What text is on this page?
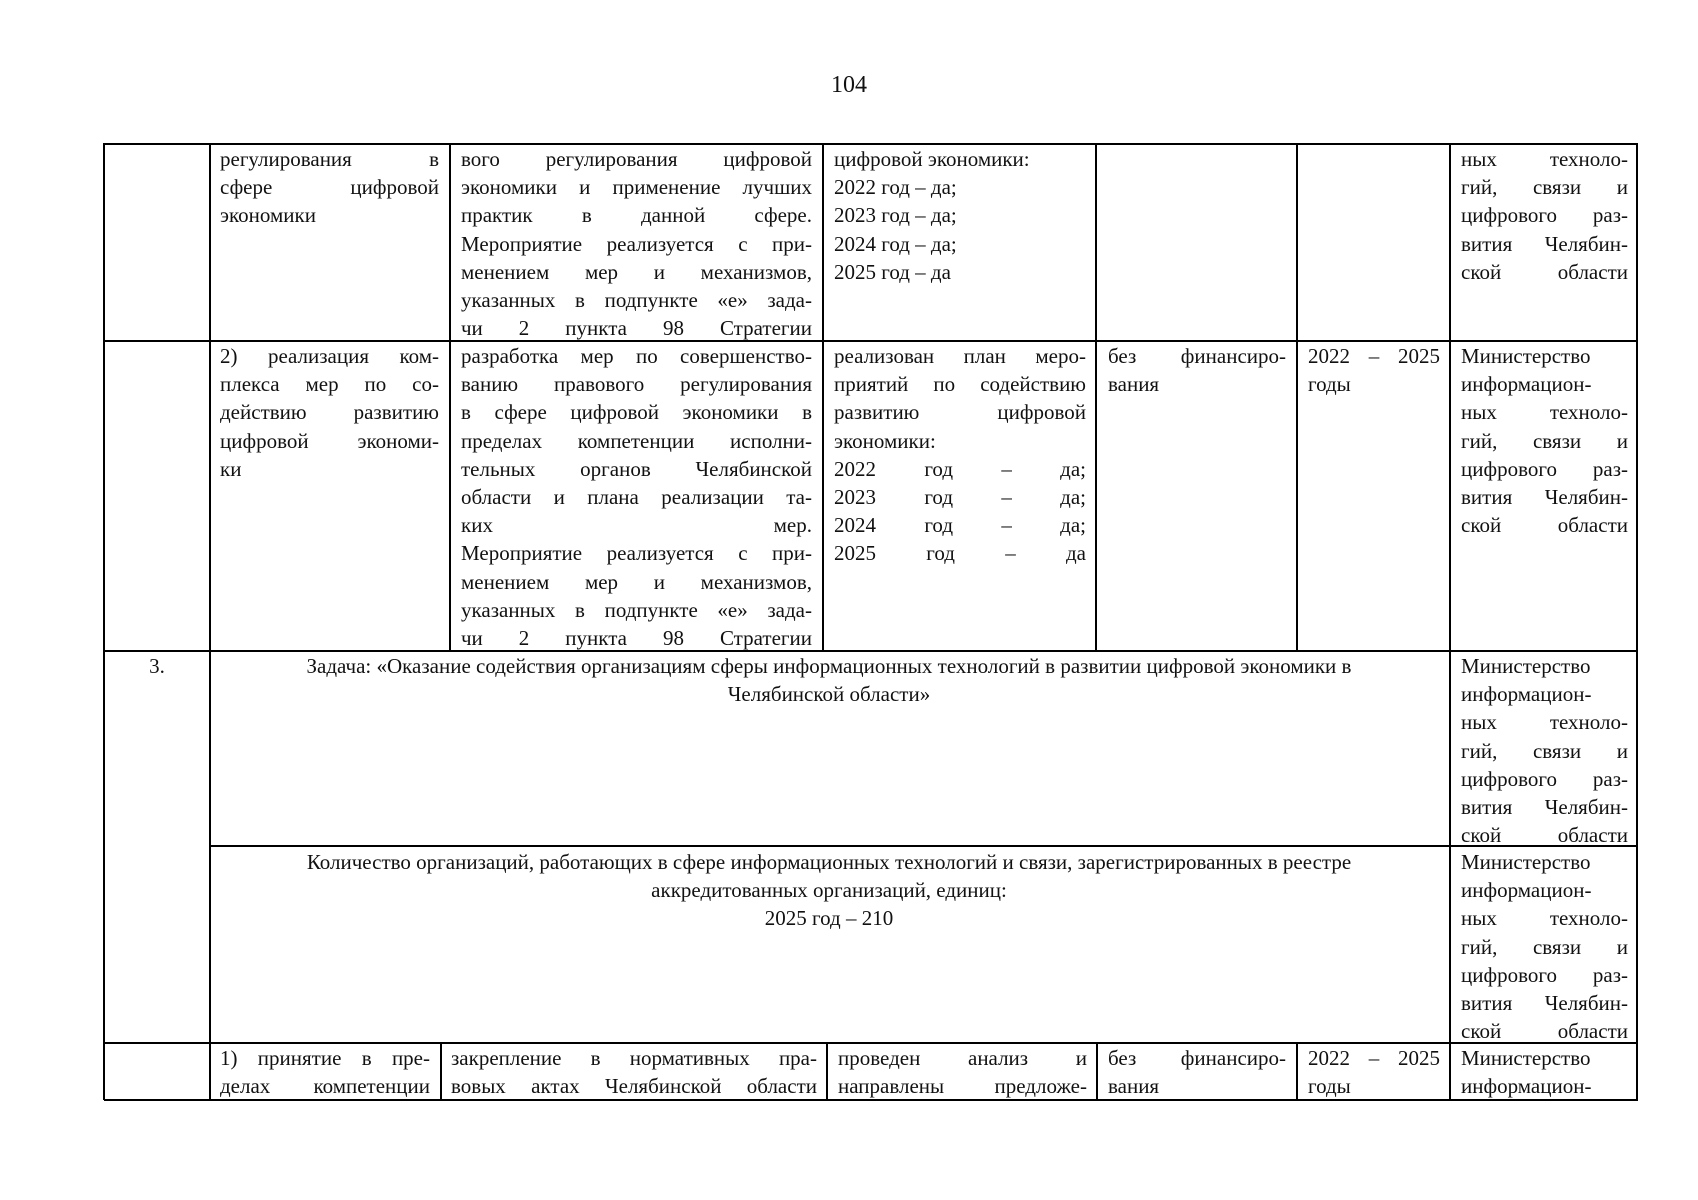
104
регулирования в
сфере цифровой
экономики
вого регулирования цифровой
экономики и применение лучших
практик в данной сфере.
Мероприятие реализуется с при-
менением мер и механизмов,
указанных в подпункте «е» зада-
чи 2 пункта 98 Стратегии
цифровой экономики:
2022 год – да;
2023 год – да;
2024 год – да;
2025 год – да
ных техноло-
гий, связи и
цифрового раз-
вития Челябин-
ской области
2) реализация ком-
плекса мер по со-
действию развитию
цифровой экономи-
ки
разработка мер по совершенство-
ванию правового регулирования
в сфере цифровой экономики в
пределах компетенции исполни-
тельных органов Челябинской
области и плана реализации та-
ких мер.
Мероприятие реализуется с при-
менением мер и механизмов,
указанных в подпункте «е» зада-
чи 2 пункта 98 Стратегии
реализован план меро-
приятий по содействию
развитию цифровой
экономики:
2022 год – да;
2023 год – да;
2024 год – да;
2025 год – да
без финансиро-
вания
2022 – 2025
годы
Министерство
информацион-
ных техноло-
гий, связи и
цифрового раз-
вития Челябин-
ской области
3.	Задача: «Оказание содействия организациям сферы информационных технологий в развитии цифровой экономики в
Челябинской области»
Министерство
информацион-
ных техноло-
гий, связи и
цифрового раз-
вития Челябин-
ской области
Количество организаций, работающих в сфере информационных технологий и связи, зарегистрированных в реестре
аккредитованных организаций, единиц:
2025 год – 210
Министерство
информацион-
ных техноло-
гий, связи и
цифрового раз-
вития Челябин-
ской области
1) принятие в пре-
делах компетенции
закрепление в нормативных пра-
вовых актах Челябинской области
проведен анализ и
направлены предложе-
без финансиро-
вания
2022 – 2025
годы
Министерство
информацион-
